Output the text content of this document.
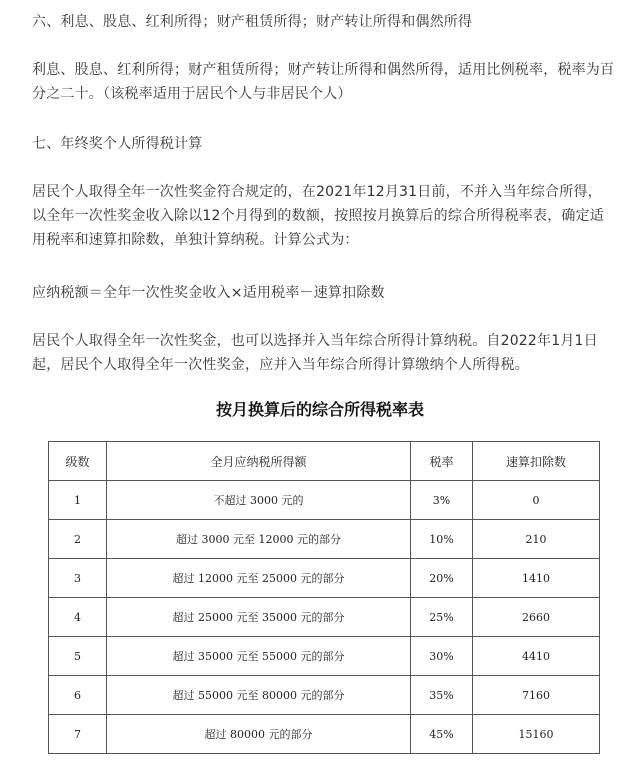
六、利息、股息、红利所得；财产租赁所得；财产转让所得和偶然所得

利息、股息、红利所得；财产租赁所得；财产转让所得和偶然所得，适用比例税率，税率为百分之二十。（该税率适用于居民个人与非居民个人）

七、年终奖个人所得税计算

居民个人取得全年一次性奖金符合规定的，在2021年12月31日前，不并入当年综合所得，以全年一次性奖金收入除以12个月得到的数额，按照按月换算后的综合所得税率表，确定适用税率和速算扣除数，单独计算纳税。计算公式为：

应纳税额＝全年一次性奖金收入×适用税率－速算扣除数

居民个人取得全年一次性奖金，也可以选择并入当年综合所得计算纳税。自2022年1月1日起，居民个人取得全年一次性奖金，应并入当年综合所得计算缴纳个人所得税。

按月换算后的综合所得税率表
级数	全月应纳税所得额	税率	速算扣除数
1	不超过 3000 元的	3%	0
2	超过 3000 元至 12000 元的部分	10%	210
3	超过 12000 元至 25000 元的部分	20%	1410
4	超过 25000 元至 35000 元的部分	25%	2660
5	超过 35000 元至 55000 元的部分	30%	4410
6	超过 55000 元至 80000 元的部分	35%	7160
7	超过 80000 元的部分	45%	15160
